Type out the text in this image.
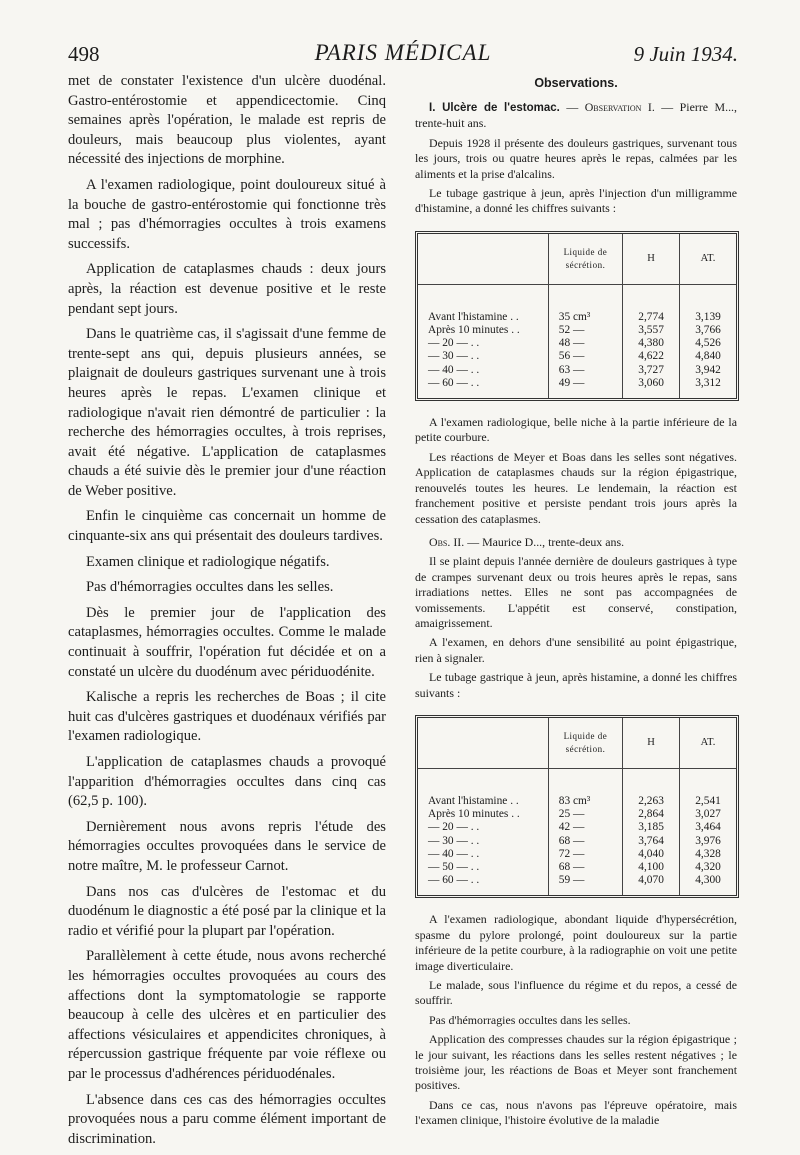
498	PARIS MÉDICAL	9 Juin 1934.

met de constater l'existence d'un ulcère duodénal. Gastro-entérostomie et appendicectomie. Cinq semaines après l'opération, le malade est repris de douleurs, mais beaucoup plus violentes, ayant nécessité des injections de morphine.

A l'examen radiologique, point douloureux situé à la bouche de gastro-entérostomie qui fonctionne très mal ; pas d'hémorragies occultes à trois examens successifs.

Application de cataplasmes chauds : deux jours après, la réaction est devenue positive et le reste pendant sept jours.

Dans le quatrième cas, il s'agissait d'une femme de trente-sept ans qui, depuis plusieurs années, se plaignait de douleurs gastriques survenant une à trois heures après le repas. L'examen clinique et radiologique n'avait rien démontré de particulier : la recherche des hémorragies occultes, à trois reprises, avait été négative. L'application de cataplasmes chauds a été suivie dès le premier jour d'une réaction de Weber positive.

Enfin le cinquième cas concernait un homme de cinquante-six ans qui présentait des douleurs tardives.

Examen clinique et radiologique négatifs.

Pas d'hémorragies occultes dans les selles.

Dès le premier jour de l'application des cataplasmes, hémorragies occultes. Comme le malade continuait à souffrir, l'opération fut décidée et on a constaté un ulcère du duodénum avec périduodénite.

Kalische a repris les recherches de Boas ; il cite huit cas d'ulcères gastriques et duodénaux vérifiés par l'examen radiologique.

L'application de cataplasmes chauds a provoqué l'apparition d'hémorragies occultes dans cinq cas (62,5 p. 100).

Dernièrement nous avons repris l'étude des hémorragies occultes provoquées dans le service de notre maître, M. le professeur Carnot.

Dans nos cas d'ulcères de l'estomac et du duodénum le diagnostic a été posé par la clinique et la radio et vérifié pour la plupart par l'opération.

Parallèlement à cette étude, nous avons recherché les hémorragies occultes provoquées au cours des affections dont la symptomatologie se rapporte beaucoup à celle des ulcères et en particulier des affections vésiculaires et appendicites chroniques, à répercussion gastrique fréquente par voie réflexe ou par le processus d'adhérences périduodénales.

L'absence dans ces cas des hémorragies occultes provoquées nous a paru comme élément important de discrimination.

Observations.

I. Ulcère de l'estomac. — Observation I. — Pierre M..., trente-huit ans.

Depuis 1928 il présente des douleurs gastriques, survenant tous les jours, trois ou quatre heures après le repas, calmées par les aliments et la prise d'alcalins.

Le tubage gastrique à jeun, après l'injection d'un milligramme d'histamine, a donné les chiffres suivants :

	Liquide de sécrétion.	H	AT.

Avant l'histamine . .	35 cm³	2,774	3,139
Après 10 minutes . .	52 —	3,557	3,766
— 20 — . .	48 —	4,380	4,526
— 30 — . .	56 —	4,622	4,840
— 40 — . .	63 —	3,727	3,942
— 60 — . .	49 —	3,060	3,312

A l'examen radiologique, belle niche à la partie inférieure de la petite courbure.

Les réactions de Meyer et Boas dans les selles sont négatives. Application de cataplasmes chauds sur la région épigastrique, renouvelés toutes les heures. Le lendemain, la réaction est franchement positive et persiste pendant trois jours après la cessation des cataplasmes.

Obs. II. — Maurice D..., trente-deux ans.

Il se plaint depuis l'année dernière de douleurs gastriques à type de crampes survenant deux ou trois heures après le repas, sans irradiations nettes. Elles ne sont pas accompagnées de vomissements. L'appétit est conservé, constipation, amaigrissement.

A l'examen, en dehors d'une sensibilité au point épigastrique, rien à signaler.

Le tubage gastrique à jeun, après histamine, a donné les chiffres suivants :

	Liquide de sécrétion.	H	AT.

Avant l'histamine . .	83 cm³	2,263	2,541
Après 10 minutes . .	25 —	2,864	3,027
— 20 — . .	42 —	3,185	3,464
— 30 — . .	68 —	3,764	3,976
— 40 — . .	72 —	4,040	4,328
— 50 — . .	68 —	4,100	4,320
— 60 — . .	59 —	4,070	4,300

A l'examen radiologique, abondant liquide d'hypersécrétion, spasme du pylore prolongé, point douloureux sur la partie inférieure de la petite courbure, à la radiographie on voit une petite image diverticulaire.

Le malade, sous l'influence du régime et du repos, a cessé de souffrir.

Pas d'hémorragies occultes dans les selles.

Application des compresses chaudes sur la région épigastrique ; le jour suivant, les réactions dans les selles restent négatives ; le troisième jour, les réactions de Boas et Meyer sont franchement positives.

Dans ce cas, nous n'avons pas l'épreuve opératoire, mais l'examen clinique, l'histoire évolutive de la maladie
